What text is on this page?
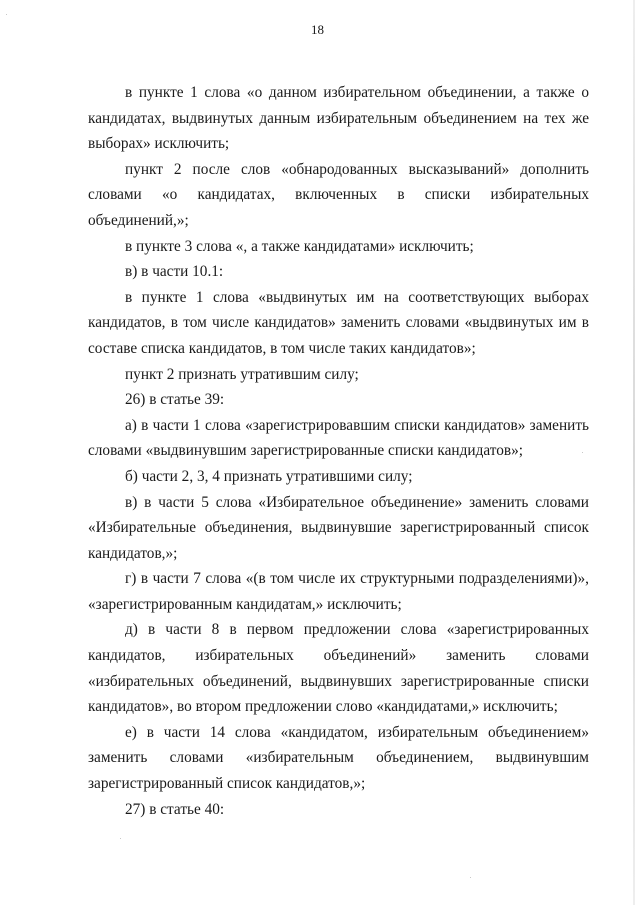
18

в пункте 1 слова «о данном избирательном объединении, а также о кандидатах, выдвинутых данным избирательным объединением на тех же выборах» исключить;

пункт 2 после слов «обнародованных высказываний» дополнить словами «о кандидатах, включенных в списки избирательных объединений,»;

в пункте 3 слова «, а также кандидатами» исключить;

в) в части 10.1:

в пункте 1 слова «выдвинутых им на соответствующих выборах кандидатов, в том числе кандидатов» заменить словами «выдвинутых им в составе списка кандидатов, в том числе таких кандидатов»;

пункт 2 признать утратившим силу;

26) в статье 39:

а) в части 1 слова «зарегистрировавшим списки кандидатов» заменить словами «выдвинувшим зарегистрированные списки кандидатов»;

б) части 2, 3, 4 признать утратившими силу;

в) в части 5 слова «Избирательное объединение» заменить словами «Избирательные объединения, выдвинувшие зарегистрированный список кандидатов,»;

г) в части 7 слова «(в том числе их структурными подразделениями)», «зарегистрированным кандидатам,» исключить;

д) в части 8 в первом предложении слова «зарегистрированных кандидатов, избирательных объединений» заменить словами «избирательных объединений, выдвинувших зарегистрированные списки кандидатов», во втором предложении слово «кандидатами,» исключить;

е) в части 14 слова «кандидатом, избирательным объединением» заменить словами «избирательным объединением, выдвинувшим зарегистрированный список кандидатов,»;

27) в статье 40:
